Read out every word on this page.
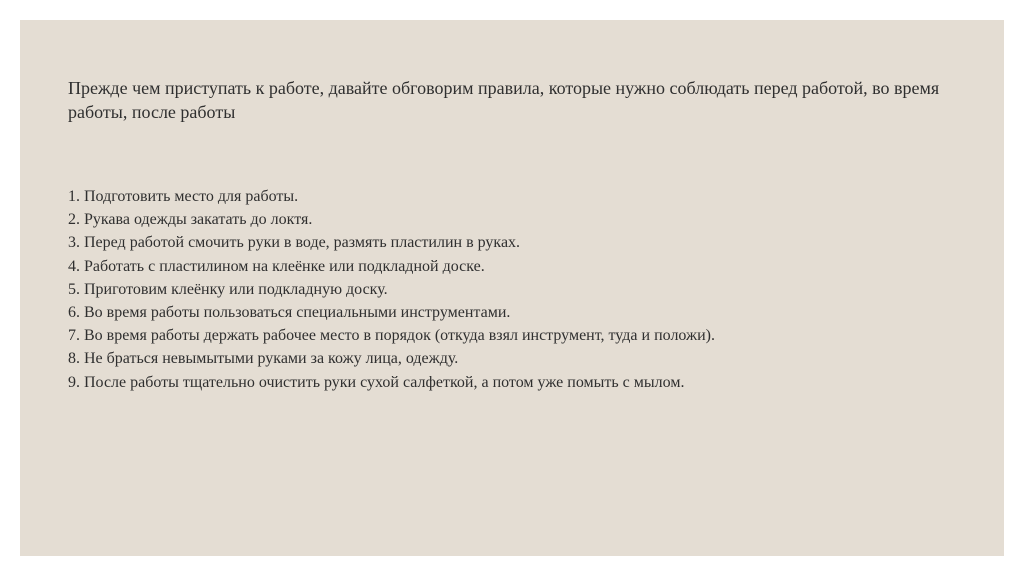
Прежде чем приступать к работе, давайте обговорим правила, которые нужно соблюдать перед работой, во время работы, после работы

1. Подготовить место для работы.
2. Рукава одежды закатать до локтя.
3. Перед работой смочить руки в воде, размять пластилин в руках.
4. Работать с пластилином на клеёнке или подкладной доске.
5. Приготовим клеёнку или подкладную доску.
6. Во время работы пользоваться специальными инструментами.
7. Во время работы держать рабочее место в порядок (откуда взял инструмент, туда и положи).
8. Не браться невымытыми руками за кожу лица, одежду.
9. После работы тщательно очистить руки сухой салфеткой, а потом уже помыть с мылом.
